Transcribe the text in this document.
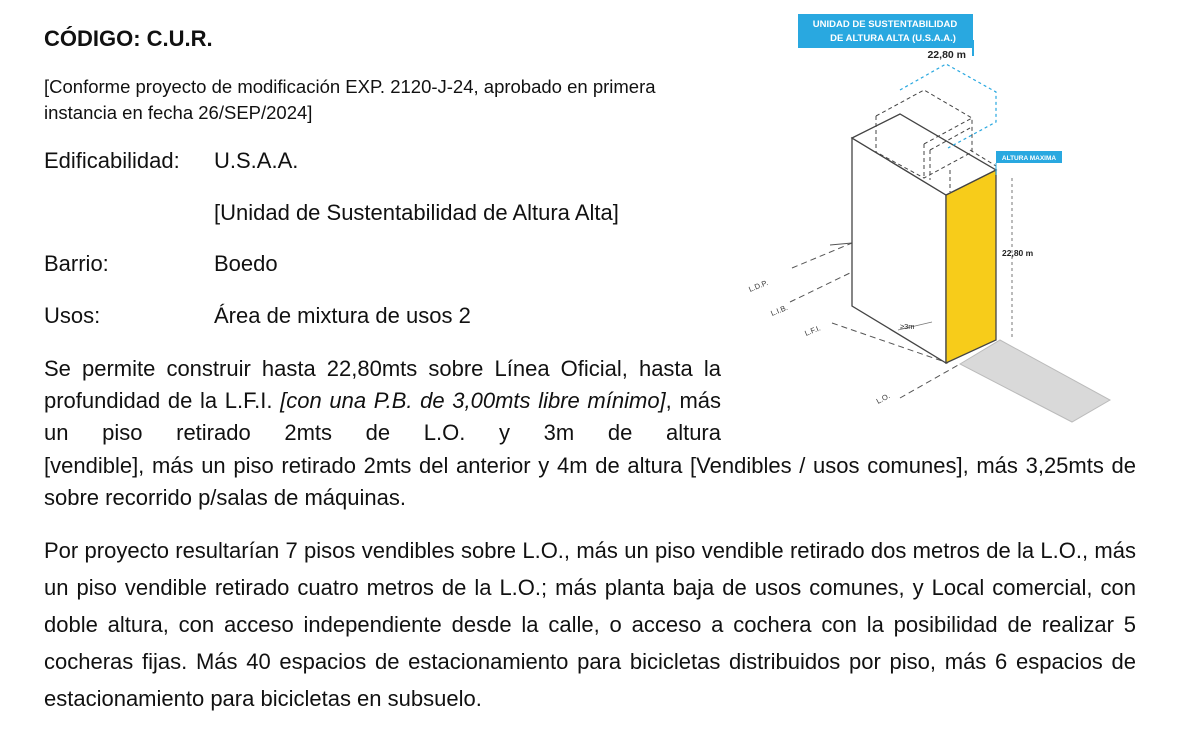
CÓDIGO: C.U.R.
[Conforme proyecto de modificación EXP. 2120-J-24, aprobado en primera instancia en fecha 26/SEP/2024]
Edificabilidad: U.S.A.A.
[Unidad de Sustentabilidad de Altura Alta]
Barrio:	Boedo
Usos:	Área de mixtura de usos 2
Se permite construir hasta 22,80mts sobre Línea Oficial, hasta la profundidad de la L.F.I. [con una P.B. de 3,00mts libre mínimo], más un piso retirado 2mts de L.O. y 3m de altura
[vendible], más un piso retirado 2mts del anterior y 4m de altura [Vendibles / usos comunes], más 3,25mts de sobre recorrido p/salas de máquinas.
Por proyecto resultarían 7 pisos vendibles sobre L.O., más un piso vendible retirado dos metros de la L.O., más un piso vendible retirado cuatro metros de la L.O.; más planta baja de usos comunes, y Local comercial, con doble altura, con acceso independiente desde la calle, o acceso a cochera con la posibilidad de realizar 5 cocheras fijas. Más 40 espacios de estacionamiento para bicicletas distribuidos por piso, más 6 espacios de estacionamiento para bicicletas en subsuelo.
UNIDAD DE SUSTENTABILIDAD
DE ALTURA ALTA (U.S.A.A.)
22,80 m
ALTURA MAXIMA
22,80 m
≥3m
L.D.P.
L.I.B.
L.F.I.
L.O.
